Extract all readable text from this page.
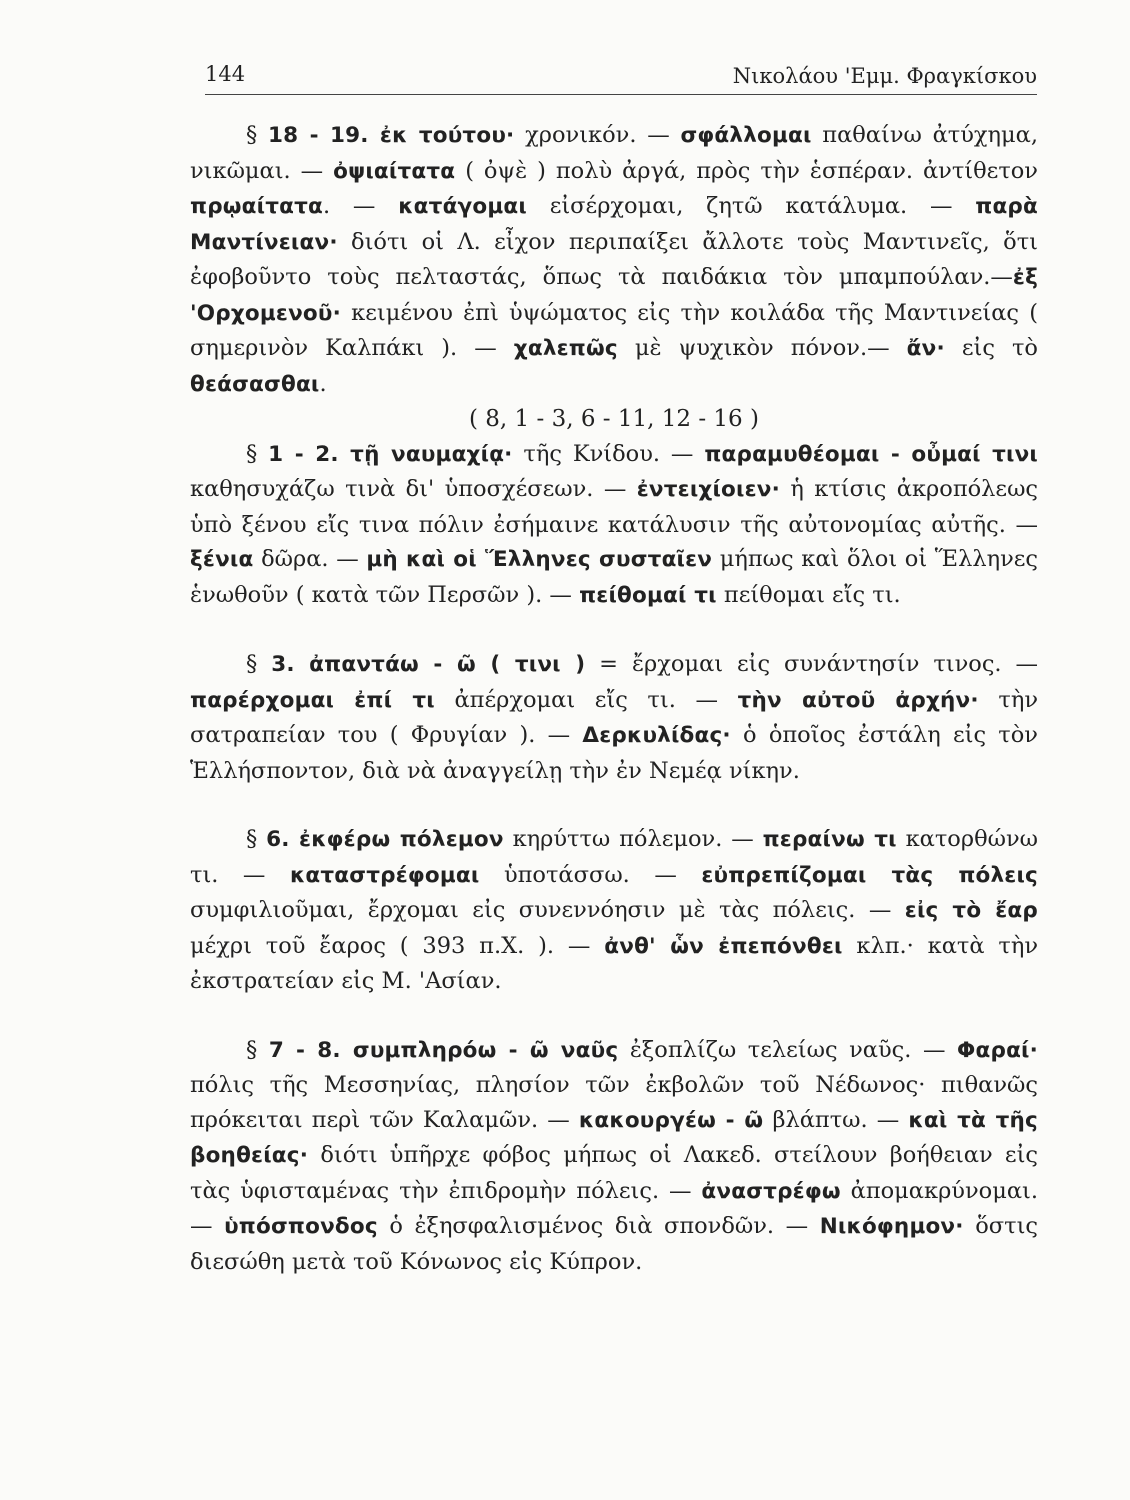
144	Νικολάου 'Εμμ. Φραγκίσκου

§ 18 - 19. ἐκ τούτου· χρονικόν. — σφάλλομαι παθαίνω ἀτύχημα, νικῶμαι. — ὀψιαίτατα ( ὀψὲ ) πολὺ ἀργά, πρὸς τὴν ἑσπέραν. ἀντίθετον πρῳαίτατα. — κατάγομαι εἰσέρχομαι, ζητῶ κατάλυμα. — παρὰ Μαντίνειαν· διότι οἱ Λ. εἶχον περιπαίξει ἄλλοτε τοὺς Μαντινεῖς, ὅτι ἐφοβοῦντο τοὺς πελταστάς, ὅπως τὰ παιδάκια τὸν μπαμπούλαν.—ἐξ 'Ορχομενοῦ· κειμένου ἐπὶ ὑψώματος εἰς τὴν κοιλάδα τῆς Μαντινείας ( σημερινὸν Καλπάκι ). — χαλεπῶς μὲ ψυχικὸν πόνον.— ἄν· εἰς τὸ θεάσασθαι.

( 8, 1 - 3, 6 - 11, 12 - 16 )

§ 1 - 2. τῇ ναυμαχίᾳ· τῆς Κνίδου. — παραμυθέομαι - οὖμαί τινι καθησυχάζω τινὰ δι' ὑποσχέσεων. — ἐντειχίοιεν· ἡ κτίσις ἀκροπόλεως ὑπὸ ξένου εἴς τινα πόλιν ἐσήμαινε κατάλυσιν τῆς αὐτονομίας αὐτῆς. — ξένια δῶρα. — μὴ καὶ οἱ Ἕλληνες συσταῖεν μήπως καὶ ὅλοι οἱ Ἕλληνες ἑνωθοῦν ( κατὰ τῶν Περσῶν ). — πείθομαί τι πείθομαι εἴς τι.

§ 3. ἀπαντάω - ῶ ( τινι ) = ἔρχομαι εἰς συνάντησίν τινος. — παρέρχομαι ἐπί τι ἀπέρχομαι εἴς τι. — τὴν αὐτοῦ ἀρχήν· τὴν σατραπείαν του ( Φρυγίαν ). — Δερκυλίδας· ὁ ὁποῖος ἐστάλη εἰς τὸν Ἑλλήσποντον, διὰ νὰ ἀναγγείλῃ τὴν ἐν Νεμέᾳ νίκην.

§ 6. ἐκφέρω πόλεμον κηρύττω πόλεμον. — περαίνω τι κατορθώνω τι. — καταστρέφομαι ὑποτάσσω. — εὐπρεπίζομαι τὰς πόλεις συμφιλιοῦμαι, ἔρχομαι εἰς συνεννόησιν μὲ τὰς πόλεις. — εἰς τὸ ἔαρ μέχρι τοῦ ἔαρος ( 393 π.Χ. ). — ἀνθ' ὧν ἐπεπόνθει κλπ.· κατὰ τὴν ἐκστρατείαν εἰς Μ. 'Ασίαν.

§ 7 - 8. συμπληρόω - ῶ ναῦς ἐξοπλίζω τελείως ναῦς. — Φαραί· πόλις τῆς Μεσσηνίας, πλησίον τῶν ἐκβολῶν τοῦ Νέδωνος· πιθανῶς πρόκειται περὶ τῶν Καλαμῶν. — κακουργέω - ῶ βλάπτω. — καὶ τὰ τῆς βοηθείας· διότι ὑπῆρχε φόβος μήπως οἱ Λακεδ. στείλουν βοήθειαν εἰς τὰς ὑφισταμένας τὴν ἐπιδρομὴν πόλεις. — ἀναστρέφω ἀπομακρύνομαι. — ὑπόσπονδος ὁ ἐξησφαλισμένος διὰ σπονδῶν. — Νικόφημον· ὅστις διεσώθη μετὰ τοῦ Κόνωνος εἰς Κύπρον.
